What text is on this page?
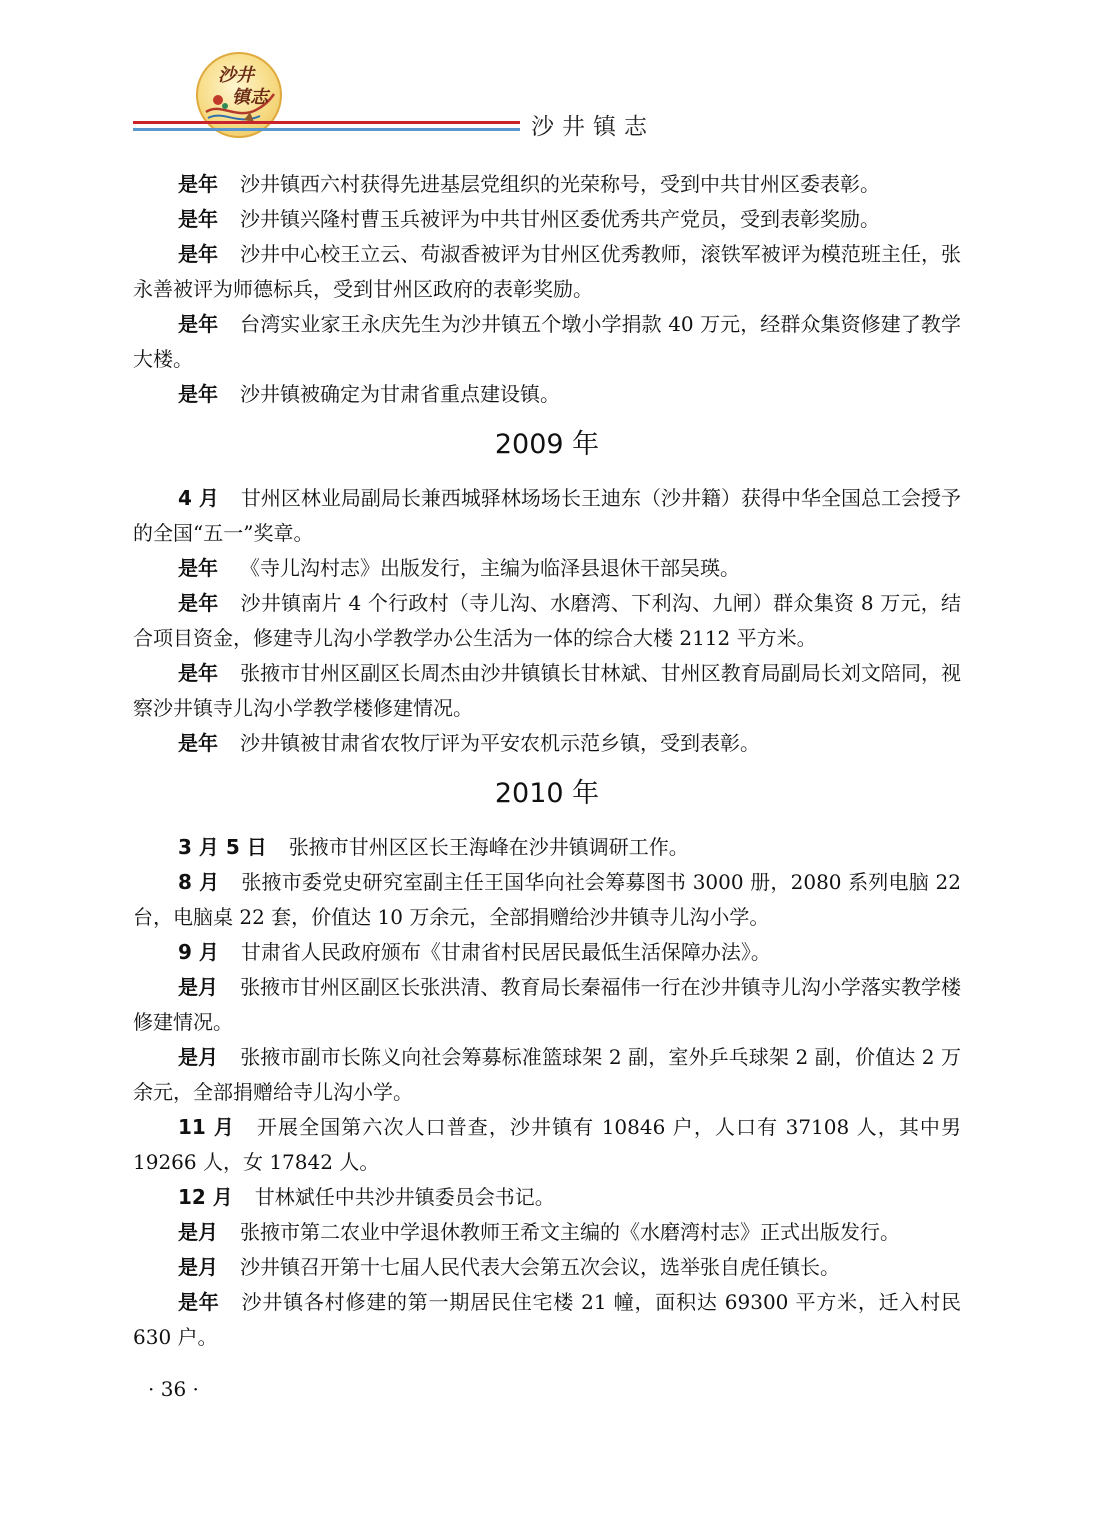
沙井
镇志
沙井镇志

是年 沙井镇西六村获得先进基层党组织的光荣称号，受到中共甘州区委表彰。

是年 沙井镇兴隆村曹玉兵被评为中共甘州区委优秀共产党员，受到表彰奖励。

是年 沙井中心校王立云、苟淑香被评为甘州区优秀教师，滚铁军被评为模范班主任，张永善被评为师德标兵，受到甘州区政府的表彰奖励。

是年 台湾实业家王永庆先生为沙井镇五个墩小学捐款 40 万元，经群众集资修建了教学大楼。

是年 沙井镇被确定为甘肃省重点建设镇。

2009 年

4 月 甘州区林业局副局长兼西城驿林场场长王迪东（沙井籍）获得中华全国总工会授予的全国“五一”奖章。

是年 《寺儿沟村志》出版发行，主编为临泽县退休干部吴瑛。

是年 沙井镇南片 4 个行政村（寺儿沟、水磨湾、下利沟、九闸）群众集资 8 万元，结合项目资金，修建寺儿沟小学教学办公生活为一体的综合大楼 2112 平方米。

是年 张掖市甘州区副区长周杰由沙井镇镇长甘林斌、甘州区教育局副局长刘文陪同，视察沙井镇寺儿沟小学教学楼修建情况。

是年 沙井镇被甘肃省农牧厅评为平安农机示范乡镇，受到表彰。

2010 年

3 月 5 日 张掖市甘州区区长王海峰在沙井镇调研工作。

8 月 张掖市委党史研究室副主任王国华向社会筹募图书 3000 册，2080 系列电脑 22 台，电脑桌 22 套，价值达 10 万余元，全部捐赠给沙井镇寺儿沟小学。

9 月 甘肃省人民政府颁布《甘肃省村民居民最低生活保障办法》。

是月 张掖市甘州区副区长张洪清、教育局长秦福伟一行在沙井镇寺儿沟小学落实教学楼修建情况。

是月 张掖市副市长陈义向社会筹募标准篮球架 2 副，室外乒乓球架 2 副，价值达 2 万余元，全部捐赠给寺儿沟小学。

11 月 开展全国第六次人口普查，沙井镇有 10846 户，人口有 37108 人，其中男 19266 人，女 17842 人。

12 月 甘林斌任中共沙井镇委员会书记。

是月 张掖市第二农业中学退休教师王希文主编的《水磨湾村志》正式出版发行。

是月 沙井镇召开第十七届人民代表大会第五次会议，选举张自虎任镇长。

是年 沙井镇各村修建的第一期居民住宅楼 21 幢，面积达 69300 平方米，迁入村民 630 户。

· 36 ·
